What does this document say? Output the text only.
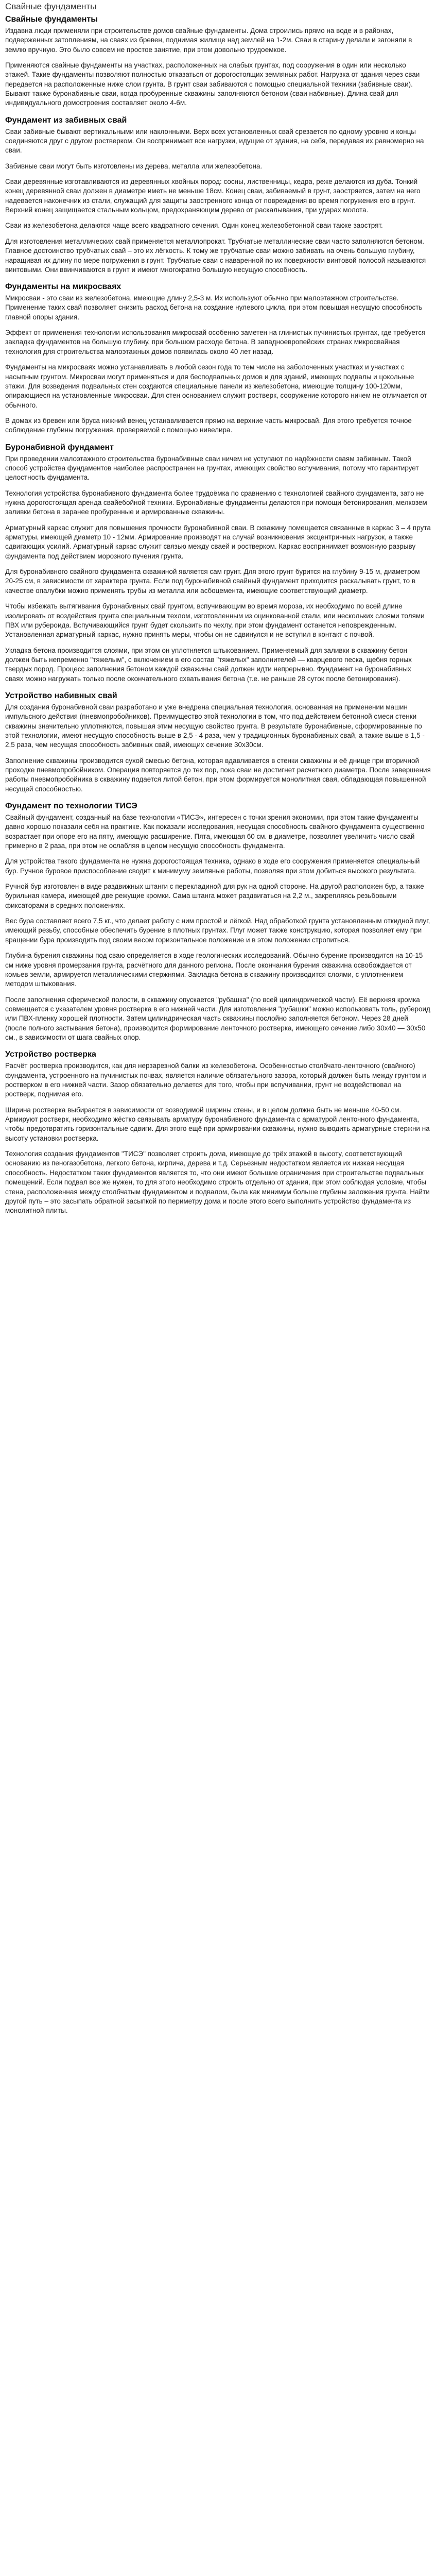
Свайные фундаменты
Свайные фундаменты

Издавна люди применяли при строительстве домов свайные фундаменты. Дома строились прямо на воде и в районах, подверженных затоплениям, на сваях из бревен, поднимая жилище над землей на 1-2м. Сваи в старину делали и загоняли в землю вручную. Это было совсем не простое занятие, при этом довольно трудоемкое.

Применяются свайные фундаменты на участках, расположенных на слабых грунтах, под сооружения в один или несколько этажей. Такие фундаменты позволяют полностью отказаться от дорогостоящих земляных работ. Нагрузка от здания через сваи передается на расположенные ниже слои грунта. В грунт сваи забиваются с помощью специальной техники (забивные сваи). Бывают также буронабивные сваи, когда пробуренные скважины заполняются бетоном (сваи набивные). Длина свай для индивидуального домостроения составляет около 4-6м.

Фундамент из забивных свай

Сваи забивные бывают вертикальными или наклонными. Верх всех установленных свай срезается по одному уровню и концы соединяются друг с другом ростверком. Он воспринимает все нагрузки, идущие от здания, на себя, передавая их равномерно на сваи.

Забивные сваи могут быть изготовлены из дерева, металла или железобетона.

Сваи деревянные изготавливаются из деревянных хвойных пород: сосны, лиственницы, кедра, реже делаются из дуба. Тонкий конец деревянной сваи должен в диаметре иметь не меньше 18см. Конец сваи, забиваемый в грунт, заостряется, затем на него надевается наконечник из стали, служащий для защиты заостренного конца от повреждения во время погружения его в грунт. Верхний конец защищается стальным кольцом, предохраняющим дерево от раскалывания, при ударах молота.

Сваи из железобетона делаются чаще всего квадратного сечения. Один конец железобетонной сваи также заострят.

Для изготовления металлических свай применяется металлопрокат. Трубчатые металлические сваи часто заполняются бетоном. Главное достоинство трубчатых свай – это их лёгкость. К тому же трубчатые сваи можно забивать на очень большую глубину, наращивая их длину по мере погружения в грунт. Трубчатые сваи с наваренной по их поверхности винтовой полосой называются винтовыми. Они ввинчиваются в грунт и имеют многократно большую несущую способность.

Фундаменты на микросваях

Микросваи - это сваи из железобетона, имеющие длину 2,5-3 м. Их используют обычно при малоэтажном строительстве. Применение таких свай позволяет снизить расход бетона на создание нулевого цикла, при этом повышая несущую способность главной опоры здания.

Эффект от применения технологии использования микросвай особенно заметен на глинистых пучинистых грунтах, где требуется закладка фундаментов на большую глубину, при большом расходе бетона. В западноевропейских странах микросвайная технология для строительства малоэтажных домов появилась около 40 лет назад.

Фундаменты на микросваях можно устанавливать в любой сезон года то тем числе на заболоченных участках и участках с насыпным грунтом. Микросваи могут применяться и для бесподвальных домов и для зданий, имеющих подвалы и цокольные этажи. Для возведения подвальных стен создаются специальные панели из железобетона, имеющие толщину 100-120мм, опирающиеся на установленные микросваи. Для стен основанием служит ростверк, сооружение которого ничем не отличается от обычного.

В домах из бревен или бруса нижний венец устанавливается прямо на верхние часть микросвай. Для этого требуется точное соблюдение глубины погружения, проверяемой с помощью нивелира.

Буронабивной фундамент

При проведении малоэтажного строительства буронабивные сваи ничем не уступают по надёжности сваям забивным. Такой способ устройства фундаментов наиболее распространен на грунтах, имеющих свойство вспучивания, потому что гарантирует целостность фундамента.

Технология устройства буронабивного фундамента более трудоёмка по сравнению с технологией свайного фундамента, зато не нужна дорогостоящая аренда свайебойной техники. Буронабивные фундаменты делаются при помощи бетонирования, мелкозем заливки бетона в заранее пробуренные и армированные скважины.

Арматурный каркас служит для повышения прочности буронабивной сваи. В скважину помещается связанные в каркас 3 – 4 прута арматуры, имеющей диаметр 10 - 12мм. Армирование производят на случай возникновения эксцентричных нагрузок, а также сдвигающих усилий. Арматурный каркас служит связью между сваей и ростверком. Каркас воспринимает возможную разрыву фундамента под действием морозного пучения грунта.

Для буронабивного свайного фундамента скважиной является сам грунт. Для этого грунт бурится на глубину 9-15 м, диаметром 20-25 см, в зависимости от характера грунта. Если под буронабивной свайный фундамент приходится раскалывать грунт, то в качестве опалубки можно применять трубы из металла или асбоцемента, имеющие соответствующий диаметр.

Чтобы избежать вытягивания буронабивных свай грунтом, вспучивающим во время мороза, их необходимо по всей длине изолировать от воздействия грунта специальным техлом, изготовленным из оцинкованной стали, или нескольких слоями толями ПВХ или рубероида. Вспучивающийся грунт будет скользить по чехлу, при этом фундамент останется неповрежденным. Установленная арматурный каркас, нужно принять меры, чтобы он не сдвинулся и не вступил в контакт с почвой.

Укладка бетона производится слоями, при этом он уплотняется штыкованием. Применяемый для заливки в скважину бетон должен быть непременно "тяжелым", с включением в его состав "тяжелых" заполнителей — кварцевого песка, щебня горных твердых пород. Процесс заполнения бетоном каждой скважины свай должен идти непрерывно. Фундамент на буронабивных сваях можно нагружать только после окончательного схватывания бетона (т.е. не раньше 28 суток после бетонирования).

Устройство набивных свай

Для создания буронабивной сваи разработано и уже внедрена специальная технология, основанная на применении машин импульсного действия (пневмопробойников). Преимущество этой технологии в том, что под действием бетонной смеси стенки скважины значительно уплотняются, повышая этим несущую свойство грунта. В результате буронабивные, сформированные по этой технологии, имеют несущую способность выше в 2,5 - 4 раза, чем у традиционных буронабивных свай, а также выше в 1,5 - 2,5 раза, чем несущая способность забивных свай, имеющих сечение 30х30см.

Заполнение скважины производится сухой смесью бетона, которая вдавливается в стенки скважины и её днище при вторичной проходке пневмопробойником. Операция повторяется до тех пор, пока сваи не достигнет расчетного диаметра. После завершения работы пневмопробойника в скважину подается литой бетон, при этом формируется монолитная свая, обладающая повышенной несущей способностью.

Фундамент по технологии ТИСЭ

Свайный фундамент, созданный на базе технологии «ТИСЭ», интересен с точки зрения экономии, при этом такие фундаменты давно хорошо показали себя на практике. Как показали исследования, несущая способность свайного фундамента существенно возрастает при опоре его на пяту, имеющую расширение. Пята, имеющая 60 см. в диаметре, позволяет увеличить число свай примерно в 2 раза, при этом не ослабляя в целом несущую способность фундамента.

Для устройства такого фундамента не нужна дорогостоящая техника, однако в ходе его сооружения применяется специальный бур. Ручное буровое приспособление сводит к минимуму земляные работы, позволяя при этом добиться высокого результата.

Ручной бур изготовлен в виде раздвижных штанги с перекладиной для рук на одной стороне. На другой расположен бур, а также бурильная камера, имеющей две режущие кромки. Сама штанга может раздвигаться на 2,2 м., закрепляясь резьбовыми фиксаторами в средних положениях.

Вес бура составляет всего 7,5 кг., что делает работу с ним простой и лёгкой. Над обработкой грунта установленным откидной плуг, имеющий резьбу, способные обеспечить бурение в плотных грунтах. Плуг может также конструкцию, которая позволяет ему при вращении бура производить под своим весом горизонтальное положение и в этом положении стропиться.

Глубина бурения скважины под сваю определяется в ходе геологических исследований. Обычно бурение производится на 10-15 см ниже уровня промерзания грунта, расчётного для данного региона. После окончания бурения скважина освобождается от комьев земли, армируется металлическими стержнями. Закладка бетона в скважину производится слоями, с уплотнением методом штыкования.

После заполнения сферической полости, в скважину опускается "рубашка" (по всей цилиндрической части). Её верхняя кромка совмещается с указателем уровня ростверка в его нижней части. Для изготовления "рубашки" можно использовать толь, рубероид или ПВХ-пленку хорошей плотности. Затем цилиндрическая часть скважины послойно заполняется бетоном. Через 28 дней (после полного застывания бетона), производится формирование ленточного ростверка, имеющего сечение либо 30х40 — 30х50 см., в зависимости от шага свайных опор.

Устройство ростверка

Расчёт ростверка производится, как для нерзарезной балки из железобетона. Особенностью столбчато-ленточного (свайного) фундамента, устроенного на пучинистых почвах, является наличие обязательного зазора, который должен быть между грунтом и ростверком в его нижней части. Зазор обязательно делается для того, чтобы при вспучивании, грунт не воздействовал на ростверк, поднимая его.

Ширина ростверка выбирается в зависимости от возводимой ширины стены, и в целом должна быть не меньше 40-50 см. Армируют ростверк, необходимо жёстко связывать арматуру буронабивного фундамента с арматурой ленточного фундамента, чтобы предотвратить горизонтальные сдвиги. Для этого ещё при армировании скважины, нужно выводить арматурные стержни на высоту установки ростверка.

Технология создания фундаментов "ТИСЭ" позволяет строить дома, имеющие до трёх этажей в высоту, соответствующий основанию из пеногазобетона, легкого бетона, кирпича, дерева и т.д. Серьезным недостатком является их низкая несущая способность. Недостатком таких фундаментов является то, что они имеют большие ограничения при строительстве подвальных помещений. Если подвал все же нужен, то для этого необходимо строить отдельно от здания, при этом соблюдая условие, чтобы стена, расположенная между столбчатым фундаментом и подвалом, была как минимум больше глубины заложения грунта. Найти другой путь – это засыпать обратной засыпкой по периметру дома и после этого всего выполнить устройство фундамента из монолитной плиты.
